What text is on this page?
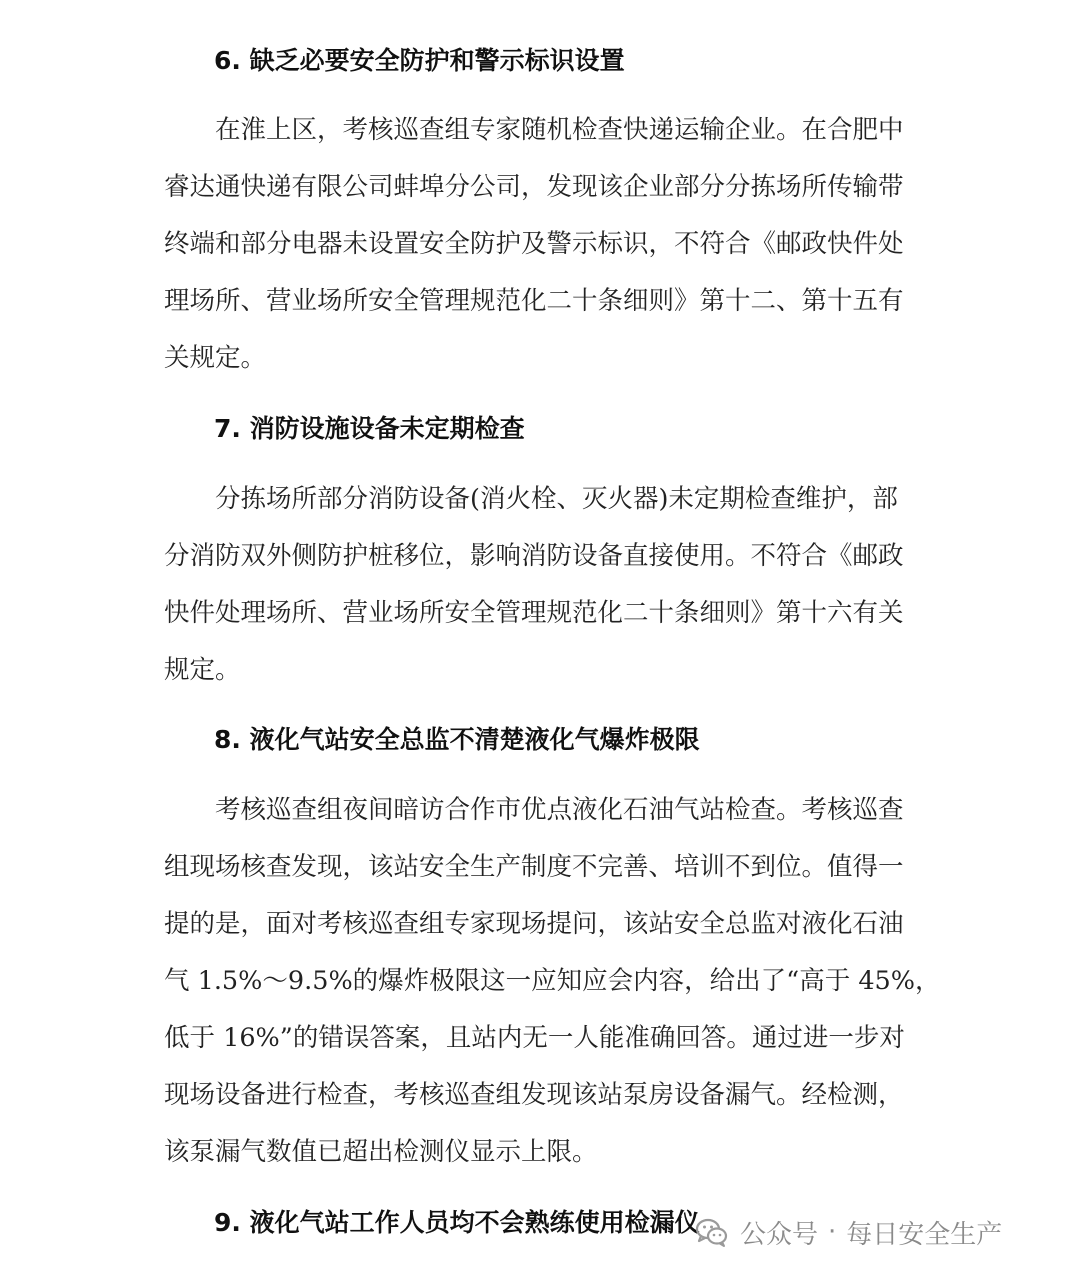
6. 缺乏必要安全防护和警示标识设置
在淮上区，考核巡查组专家随机检查快递运输企业。在合肥中
睿达通快递有限公司蚌埠分公司，发现该企业部分分拣场所传输带
终端和部分电器未设置安全防护及警示标识，不符合《邮政快件处
理场所、营业场所安全管理规范化二十条细则》第十二、第十五有
关规定。
7. 消防设施设备未定期检查
分拣场所部分消防设备(消火栓、灭火器)未定期检查维护，部
分消防双外侧防护桩移位，影响消防设备直接使用。不符合《邮政
快件处理场所、营业场所安全管理规范化二十条细则》第十六有关
规定。
8. 液化气站安全总监不清楚液化气爆炸极限
考核巡查组夜间暗访合作市优点液化石油气站检查。考核巡查
组现场核查发现，该站安全生产制度不完善、培训不到位。值得一
提的是，面对考核巡查组专家现场提问，该站安全总监对液化石油
气 1.5%～9.5%的爆炸极限这一应知应会内容，给出了“高于 45%，
低于 16%”的错误答案，且站内无一人能准确回答。通过进一步对
现场设备进行检查，考核巡查组发现该站泵房设备漏气。经检测，
该泵漏气数值已超出检测仪显示上限。
9. 液化气站工作人员均不会熟练使用检漏仪 公众号 · 每日安全生产
